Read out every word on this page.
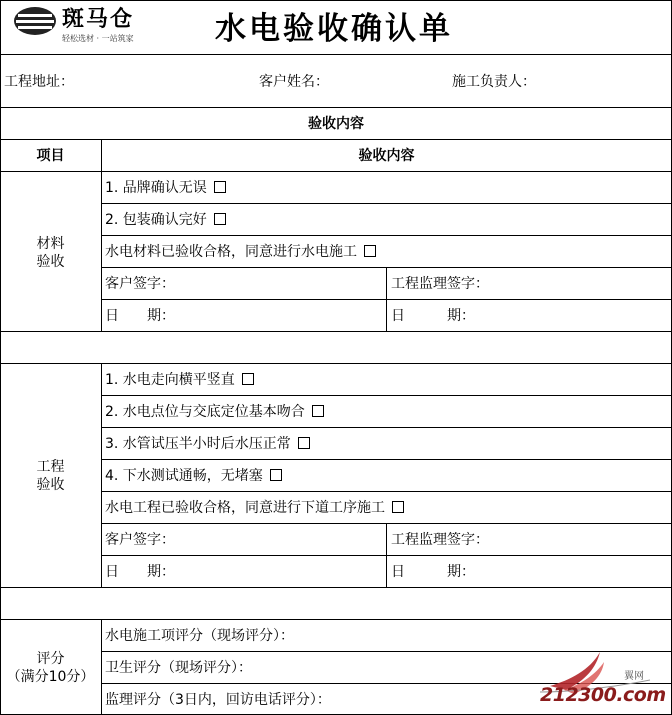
斑马仓
轻松选材 · 一站筑家	水电验收确认单
工程地址：	客户姓名：	施工负责人：
验收内容
项目	验收内容
材料
验收
1. 品牌确认无误
2. 包装确认完好
水电材料已验收合格，同意进行水电施工
客户签字：	工程监理签字：
日　　期：	日　　　期：
工程
验收
1. 水电走向横平竖直
2. 水电点位与交底定位基本吻合
3. 水管试压半小时后水压正常
4. 下水测试通畅，无堵塞
水电工程已验收合格，同意进行下道工序施工
客户签字：	工程监理签字：
日　　期：	日　　　期：
评分
（满分10分）
水电施工项评分（现场评分）：
卫生评分（现场评分）：
监理评分（3日内，回访电话评分）：
翼网
212300.com
